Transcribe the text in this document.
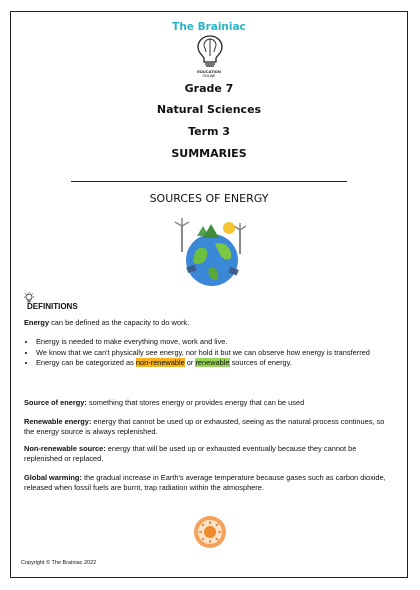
The Brainiac
EDUCATION
ONLINE
Grade 7
Natural Sciences
Term 3
SUMMARIES
SOURCES OF ENERGY
DEFINITIONS
Energy can be defined as the capacity to do work.
• Energy is needed to make everything move, work and live.
• We know that we can't physically see energy, nor hold it but we can observe how energy is transferred
• Energy can be categorized as non-renewable or renewable sources of energy.
Source of energy: something that stores energy or provides energy that can be used
Renewable energy: energy that cannot be used up or exhausted, seeing as the natural process continues, so the energy source is always replenished.
Non-renewable source: energy that will be used up or exhausted eventually because they cannot be replenished or replaced.
Global warming: the gradual increase in Earth's average temperature because gases such as carbon dioxide, released when fossil fuels are burnt, trap radiation within the atmosphere.
Copyright © The Brainiac 2022
